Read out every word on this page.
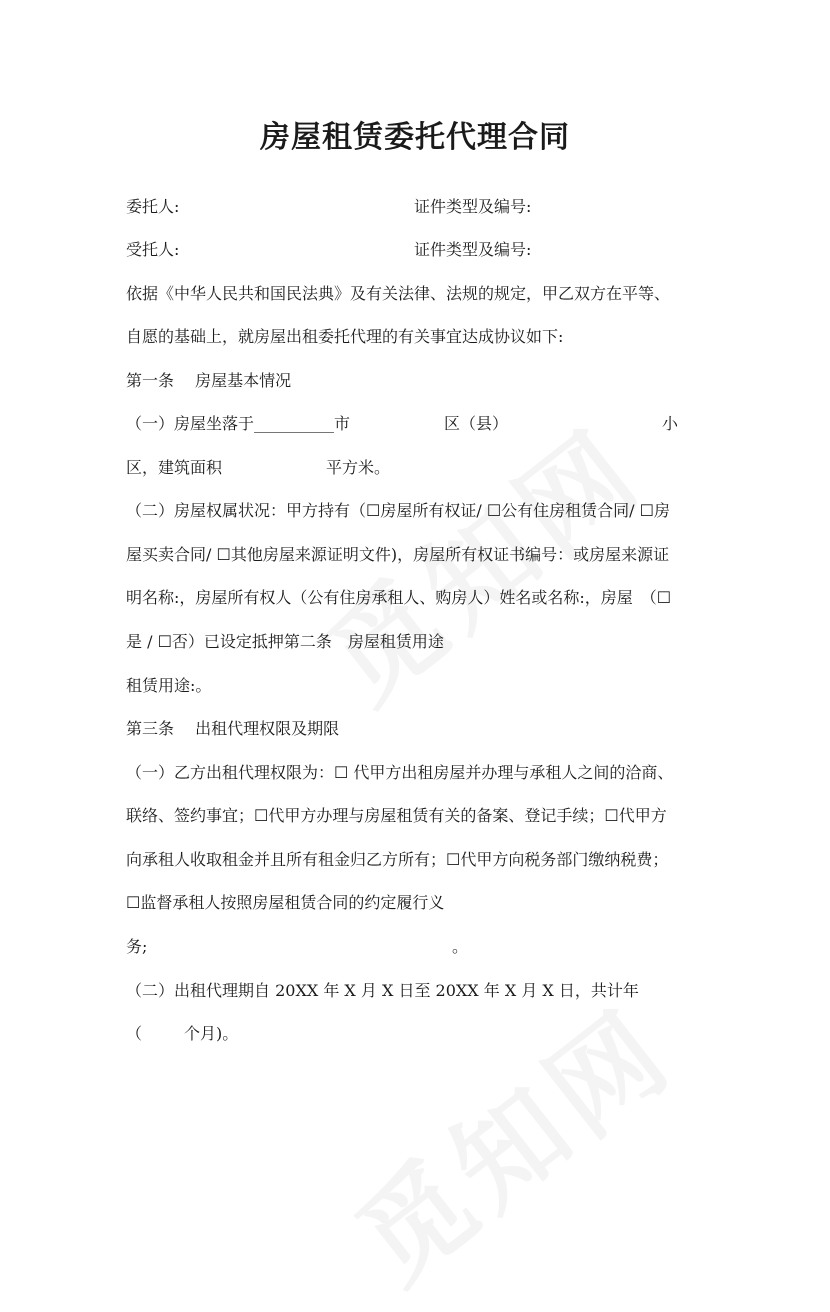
房屋租赁委托代理合同
委托人:	证件类型及编号:
受托人:	证件类型及编号:
依据《中华人民共和国民法典》及有关法律、法规的规定，甲乙双方在平等、
自愿的基础上，就房屋出租委托代理的有关事宜达成协议如下:
第一条　 房屋基本情况
（一）房屋坐落于__________市	区（县）	小
区，建筑面积	平方米。
（二）房屋权属状况：甲方持有（☐房屋所有权证/ ☐公有住房租赁合同/ ☐房
屋买卖合同/ ☐其他房屋来源证明文件)，房屋所有权证书编号：或房屋来源证
明名称:，房屋所有权人（公有住房承租人、购房人）姓名或名称:，房屋　（☐
是 / ☐否）已设定抵押第二条　房屋租赁用途
租赁用途:。
第三条　 出租代理权限及期限
（一）乙方出租代理权限为：☐ 代甲方出租房屋并办理与承租人之间的洽商、
联络、签约事宜；☐代甲方办理与房屋租赁有关的备案、登记手续；☐代甲方
向承租人收取租金并且所有租金归乙方所有；☐代甲方向税务部门缴纳税费；
☐监督承租人按照房屋租赁合同的约定履行义
务;	。
（二）出租代理期自 20XX 年 X 月 X 日至 20XX 年 X 月 X 日，共计年
（	个月)。
